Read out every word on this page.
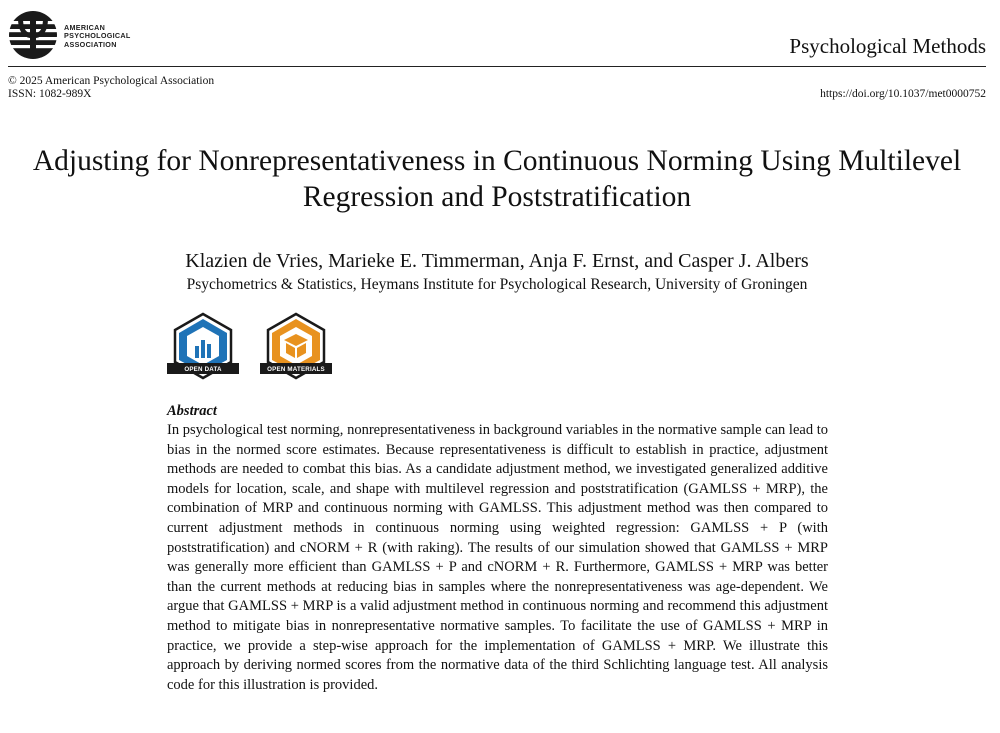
AMERICAN
PSYCHOLOGICAL
ASSOCIATION	Psychological Methods
© 2025 American Psychological Association
ISSN: 1082-989X	https://doi.org/10.1037/met0000752
Adjusting for Nonrepresentativeness in Continuous Norming Using Multilevel
Regression and Poststratification
Klazien de Vries, Marieke E. Timmerman, Anja F. Ernst, and Casper J. Albers
Psychometrics & Statistics, Heymans Institute for Psychological Research, University of Groningen
OPEN DATA	OPEN MATERIALS
Abstract
In psychological test norming, nonrepresentativeness in background variables in the normative sample can lead to bias in the normed score estimates. Because representativeness is difficult to establish in practice, adjustment methods are needed to combat this bias. As a candidate adjustment method, we investigated generalized additive models for location, scale, and shape with multilevel regression and poststratification (GAMLSS + MRP), the combination of MRP and continuous norming with GAMLSS. This adjustment method was then compared to current adjustment methods in continuous norming using weighted regression: GAMLSS + P (with poststratification) and cNORM + R (with raking). The results of our simulation showed that GAMLSS + MRP was generally more efficient than GAMLSS + P and cNORM + R. Furthermore, GAMLSS + MRP was better than the current methods at reducing bias in samples where the nonrepresentativeness was age-dependent. We argue that GAMLSS + MRP is a valid adjustment method in continuous norming and recommend this adjustment method to mitigate bias in nonrepresentative normative samples. To facilitate the use of GAMLSS + MRP in practice, we provide a step-wise approach for the implementation of GAMLSS + MRP. We illustrate this approach by deriving normed scores from the normative data of the third Schlichting language test. All analysis code for this illustration is provided.
